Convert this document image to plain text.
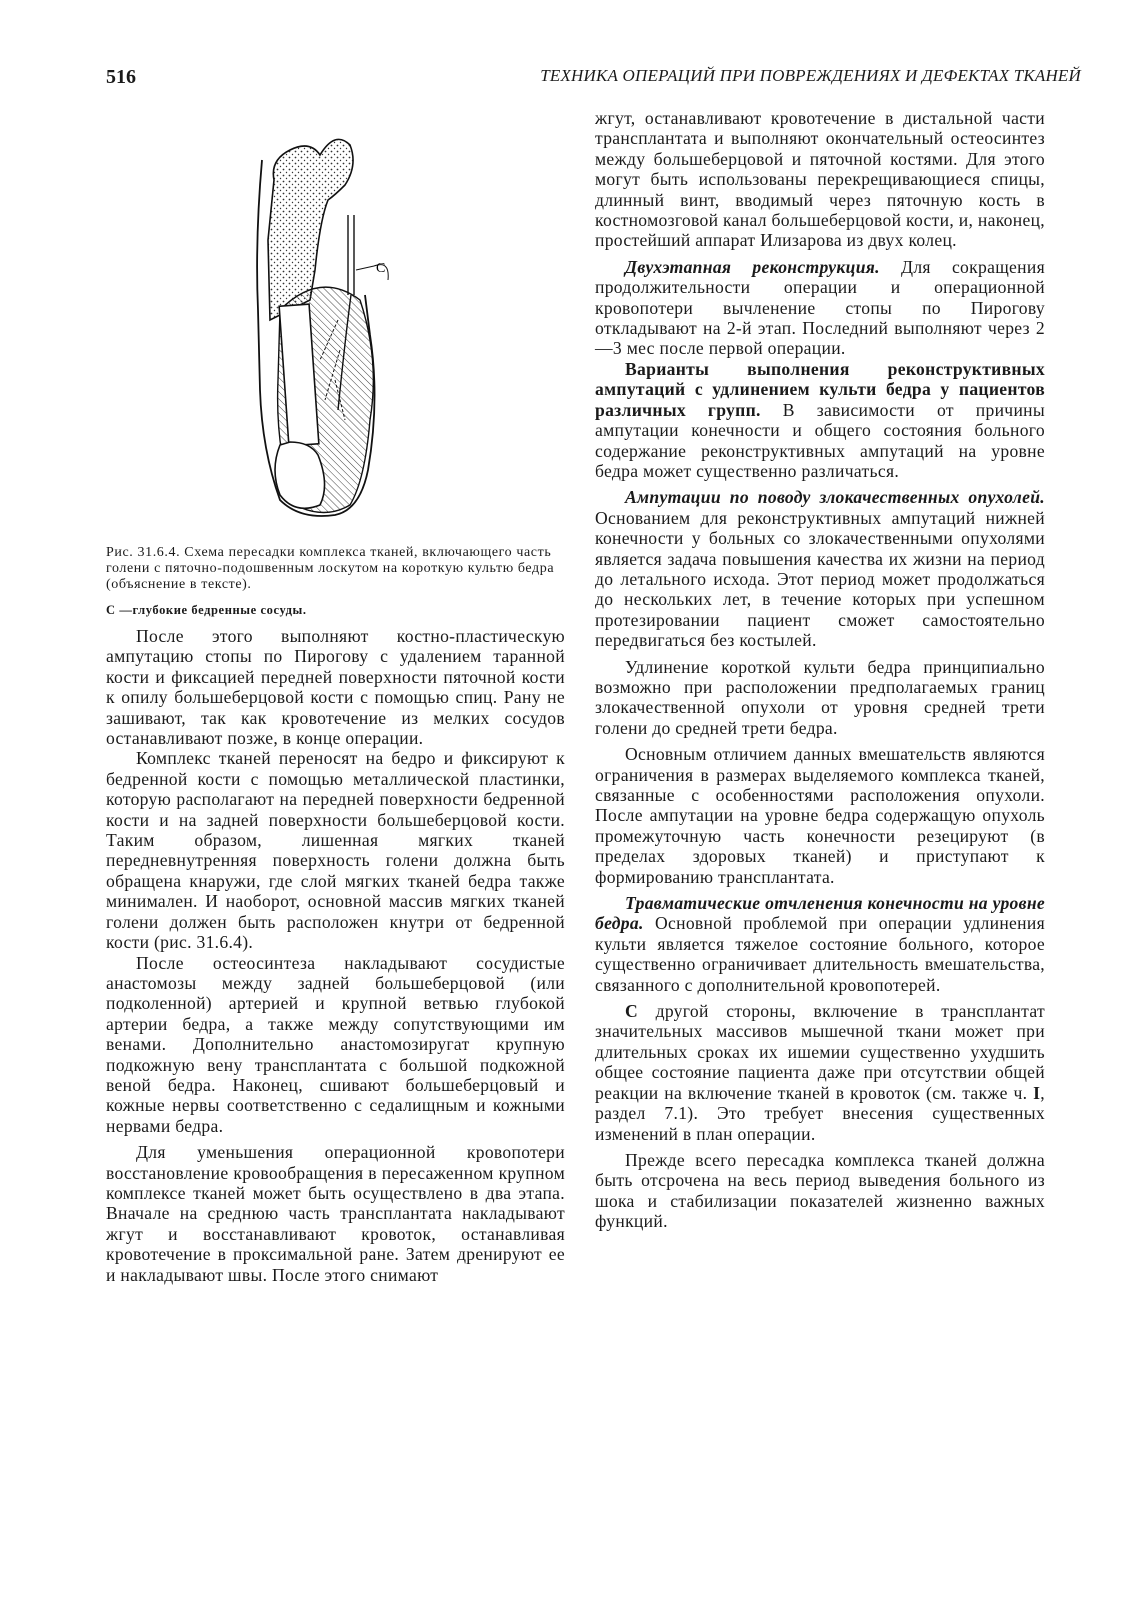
516	ТЕХНИКА ОПЕРАЦИЙ ПРИ ПОВРЕЖДЕНИЯХ И ДЕФЕКТАХ ТКАНЕЙ
С

Рис. 31.6.4. Схема пересадки комплекса тканей, включающего часть голени с пяточно-подошвенным лоскутом на короткую культю бедра (объяснение в тексте).

С —глубокие бедренные сосуды.

После этого выполняют костно-пластическую ампутацию стопы по Пирогову с удалением таранной кости и фиксацией передней поверхности пяточной кости к опилу большеберцовой кости с помощью спиц. Рану не зашивают, так как кровотечение из мелких сосудов останавливают позже, в конце операции.

Комплекс тканей переносят на бедро и фиксируют к бедренной кости с помощью металлической пластинки, которую располагают на передней поверхности бедренной кости и на задней поверхности большеберцовой кости. Таким образом, лишенная мягких тканей передневнутренняя поверхность голени должна быть обращена кнаружи, где слой мягких тканей бедра также минимален. И наоборот, основной массив мягких тканей голени должен быть расположен кнутри от бедренной кости (рис. 31.6.4).

После остеосинтеза накладывают сосудистые анастомозы между задней большеберцовой (или подколенной) артерией и крупной ветвью глубокой артерии бедра, а также между сопутствующими им венами. Дополнительно анастомозиругат крупную подкожную вену трансплантата с большой подкожной веной бедра. Наконец, сшивают большеберцовый и кожные нервы соответственно с седалищным и кожными нервами бедра.

Для уменьшения операционной кровопотери восстановление кровообращения в пересаженном крупном комплексе тканей может быть осуществлено в два этапа. Вначале на среднюю часть трансплантата накладывают жгут и восстанавливают кровоток, останавливая кровотечение в проксимальной ране. Затем дренируют ее и накладывают швы. После этого снимают

жгут, останавливают кровотечение в дистальной части трансплантата и выполняют окончательный остеосинтез между большеберцовой и пяточной костями. Для этого могут быть использованы перекрещивающиеся спицы, длинный винт, вводимый через пяточную кость в костномозговой канал большеберцовой кости, и, наконец, простейший аппарат Илизарова из двух колец.

Двухэтапная реконструкция. Для сокращения продолжительности операции и операционной кровопотери вычленение стопы по Пирогову откладывают на 2-й этап. Последний выполняют через 2—3 мес после первой операции.

Варианты выполнения реконструктивных ампутаций с удлинением культи бедра у пациентов различных групп. В зависимости от причины ампутации конечности и общего состояния больного содержание реконструктивных ампутаций на уровне бедра может существенно различаться.

Ампутации по поводу злокачественных опухолей. Основанием для реконструктивных ампутаций нижней конечности у больных со злокачественными опухолями является задача повышения качества их жизни на период до летального исхода. Этот период может продолжаться до нескольких лет, в течение которых при успешном протезировании пациент сможет самостоятельно передвигаться без костылей.

Удлинение короткой культи бедра принципиально возможно при расположении предполагаемых границ злокачественной опухоли от уровня средней трети голени до средней трети бедра.

Основным отличием данных вмешательств являются ограничения в размерах выделяемого комплекса тканей, связанные с особенностями расположения опухоли. После ампутации на уровне бедра содержащую опухоль промежуточную часть конечности резецируют (в пределах здоровых тканей) и приступают к формированию трансплантата.

Травматические отчленения конечности на уровне бедра. Основной проблемой при операции удлинения культи является тяжелое состояние больного, которое существенно ограничивает длительность вмешательства, связанного с дополнительной кровопотерей.

С другой стороны, включение в трансплантат значительных массивов мышечной ткани может при длительных сроках их ишемии существенно ухудшить общее состояние пациента даже при отсутствии общей реакции на включение тканей в кровоток (см. также ч. I, раздел 7.1). Это требует внесения существенных изменений в план операции.

Прежде всего пересадка комплекса тканей должна быть отсрочена на весь период выведения больного из шока и стабилизации показателей жизненно важных функций.
